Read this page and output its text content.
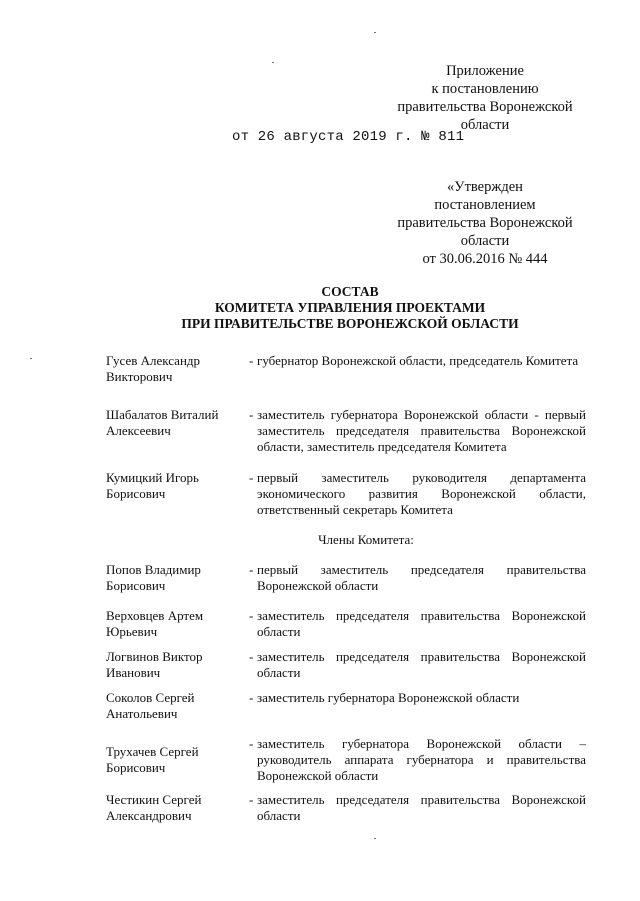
Приложение
к постановлению
правительства Воронежской
области
от 26 августа 2019 г. № 811
«Утвержден
постановлением
правительства Воронежской
области
от 30.06.2016 № 444
СОСТАВ
КОМИТЕТА УПРАВЛЕНИЯ ПРОЕКТАМИ
ПРИ ПРАВИТЕЛЬСТВЕ ВОРОНЕЖСКОЙ ОБЛАСТИ
Гусев Александр Викторович
- губернатор Воронежской области, председатель Комитета
Шабалатов Виталий Алексеевич
- заместитель губернатора Воронежской области - первый заместитель председателя правительства Воронежской области, заместитель председателя Комитета
Кумицкий Игорь Борисович
- первый заместитель руководителя департамента экономического развития Воронежской области, ответственный секретарь Комитета
Члены Комитета:
Попов Владимир Борисович
- первый заместитель председателя правительства Воронежской области
Верховцев Артем Юрьевич
- заместитель председателя правительства Воронежской области
Логвинов Виктор Иванович
- заместитель председателя правительства Воронежской области
Соколов Сергей Анатольевич
- заместитель губернатора Воронежской области
Трухачев Сергей Борисович
- заместитель губернатора Воронежской области – руководитель аппарата губернатора и правительства Воронежской области
Честикин Сергей Александрович
- заместитель председателя правительства Воронежской области
